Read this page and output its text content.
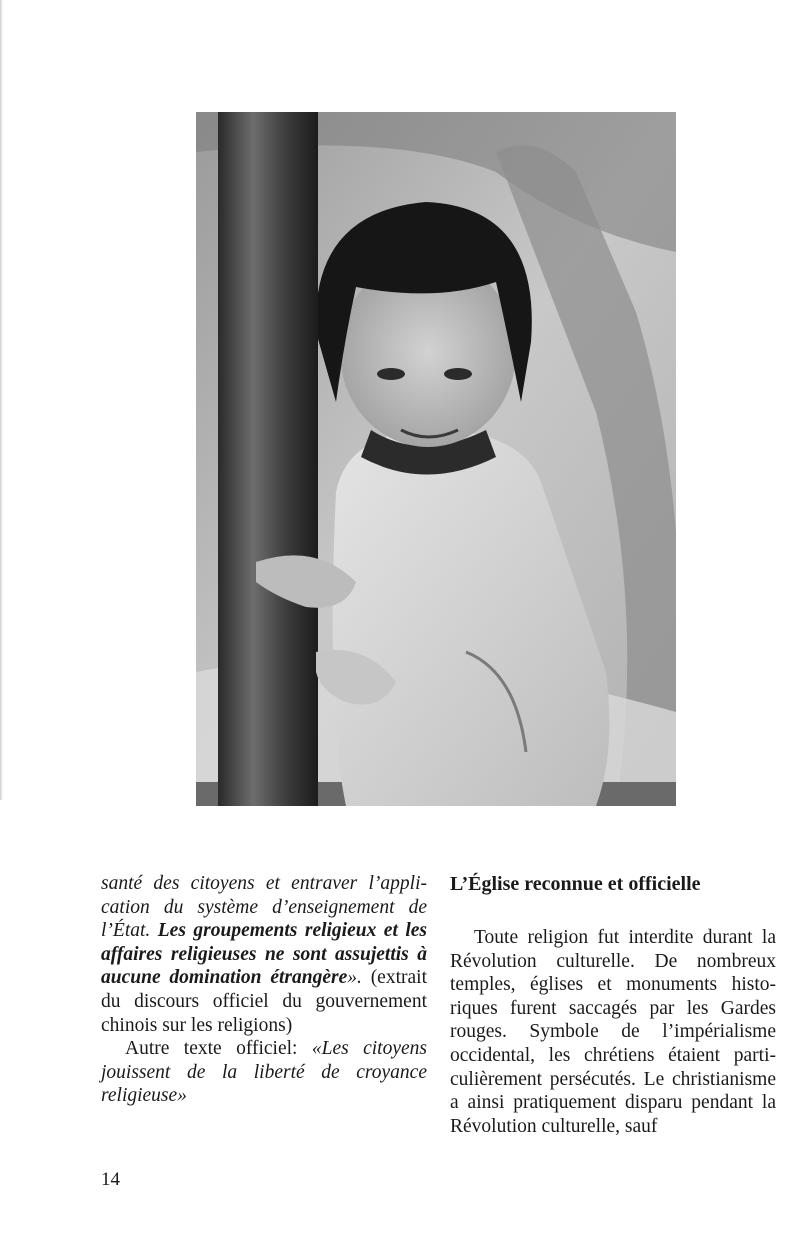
santé des citoyens et entraver l’application du système d’enseignement de l’État. Les groupements religieux et les affaires religieuses ne sont assujettis à aucune domination étrangère». (extrait du discours officiel du gouvernement chinois sur les religions)

Autre texte officiel: «Les citoyens jouissent de la liberté de croyance religieuse»

L’Église reconnue et officielle

Toute religion fut interdite durant la Révolution culturelle. De nombreux temples, églises et monuments historiques furent saccagés par les Gardes rouges. Symbole de l’impérialisme occidental, les chrétiens étaient particulièrement persécutés. Le christianisme a ainsi pratiquement disparu pendant la Révolution culturelle, sauf

14
